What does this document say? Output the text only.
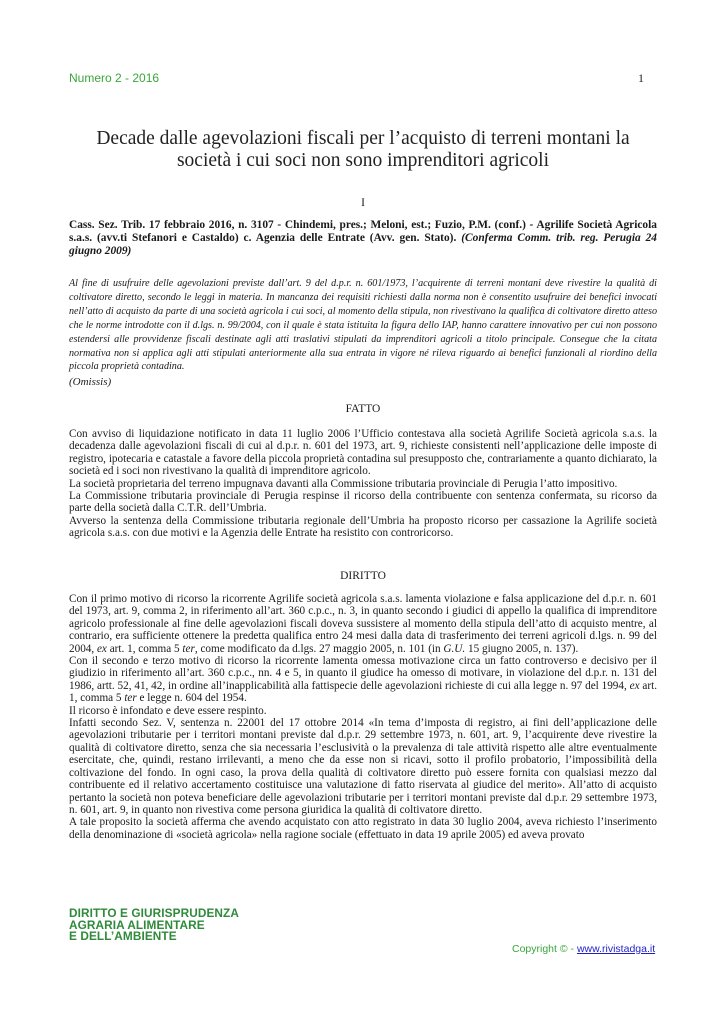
Numero 2 - 2016	1
Decade dalle agevolazioni fiscali per l’acquisto di terreni montani la società i cui soci non sono imprenditori agricoli
I
Cass. Sez. Trib. 17 febbraio 2016, n. 3107 - Chindemi, pres.; Meloni, est.; Fuzio, P.M. (conf.) - Agrilife Società Agricola s.a.s. (avv.ti Stefanori e Castaldo) c. Agenzia delle Entrate (Avv. gen. Stato). (Conferma Comm. trib. reg. Perugia 24 giugno 2009)
Al fine di usufruire delle agevolazioni previste dall’art. 9 del d.p.r. n. 601/1973, l’acquirente di terreni montani deve rivestire la qualità di coltivatore diretto, secondo le leggi in materia. In mancanza dei requisiti richiesti dalla norma non è consentito usufruire dei benefici invocati nell’atto di acquisto da parte di una società agricola i cui soci, al momento della stipula, non rivestivano la qualifica di coltivatore diretto atteso che le norme introdotte con il d.lgs. n. 99/2004, con il quale è stata istituita la figura dello IAP, hanno carattere innovativo per cui non possono estendersi alle provvidenze fiscali destinate agli atti traslativi stipulati da imprenditori agricoli a titolo principale. Consegue che la citata normativa non si applica agli atti stipulati anteriormente alla sua entrata in vigore né rileva riguardo ai benefici funzionali al riordino della piccola proprietà contadina.
(Omissis)
FATTO

Con avviso di liquidazione notificato in data 11 luglio 2006 l’Ufficio contestava alla società Agrilife Società agricola s.a.s. la decadenza dalle agevolazioni fiscali di cui al d.p.r. n. 601 del 1973, art. 9, richieste consistenti nell’applicazione delle imposte di registro, ipotecaria e catastale a favore della piccola proprietà contadina sul presupposto che, contrariamente a quanto dichiarato, la società ed i soci non rivestivano la qualità di imprenditore agricolo.

La società proprietaria del terreno impugnava davanti alla Commissione tributaria provinciale di Perugia l’atto impositivo.

La Commissione tributaria provinciale di Perugia respinse il ricorso della contribuente con sentenza confermata, su ricorso da parte della società dalla C.T.R. dell’Umbria.

Avverso la sentenza della Commissione tributaria regionale dell’Umbria ha proposto ricorso per cassazione la Agrilife società agricola s.a.s. con due motivi e la Agenzia delle Entrate ha resistito con controricorso.

DIRITTO

Con il primo motivo di ricorso la ricorrente Agrilife società agricola s.a.s. lamenta violazione e falsa applicazione del d.p.r. n. 601 del 1973, art. 9, comma 2, in riferimento all’art. 360 c.p.c., n. 3, in quanto secondo i giudici di appello la qualifica di imprenditore agricolo professionale al fine delle agevolazioni fiscali doveva sussistere al momento della stipula dell’atto di acquisto mentre, al contrario, era sufficiente ottenere la predetta qualifica entro 24 mesi dalla data di trasferimento dei terreni agricoli d.lgs. n. 99 del 2004, ex art. 1, comma 5 ter, come modificato da d.lgs. 27 maggio 2005, n. 101 (in G.U. 15 giugno 2005, n. 137).

Con il secondo e terzo motivo di ricorso la ricorrente lamenta omessa motivazione circa un fatto controverso e decisivo per il giudizio in riferimento all’art. 360 c.p.c., nn. 4 e 5, in quanto il giudice ha omesso di motivare, in violazione del d.p.r. n. 131 del 1986, artt. 52, 41, 42, in ordine all’inapplicabilità alla fattispecie delle agevolazioni richieste di cui alla legge n. 97 del 1994, ex art. 1, comma 5 ter e legge n. 604 del 1954.

Il ricorso è infondato e deve essere respinto.

Infatti secondo Sez. V, sentenza n. 22001 del 17 ottobre 2014 «In tema d’imposta di registro, ai fini dell’applicazione delle agevolazioni tributarie per i territori montani previste dal d.p.r. 29 settembre 1973, n. 601, art. 9, l’acquirente deve rivestire la qualità di coltivatore diretto, senza che sia necessaria l’esclusività o la prevalenza di tale attività rispetto alle altre eventualmente esercitate, che, quindi, restano irrilevanti, a meno che da esse non si ricavi, sotto il profilo probatorio, l’impossibilità della coltivazione del fondo. In ogni caso, la prova della qualità di coltivatore diretto può essere fornita con qualsiasi mezzo dal contribuente ed il relativo accertamento costituisce una valutazione di fatto riservata al giudice del merito». All’atto di acquisto pertanto la società non poteva beneficiare delle agevolazioni tributarie per i territori montani previste dal d.p.r. 29 settembre 1973, n. 601, art. 9, in quanto non rivestiva come persona giuridica la qualità di coltivatore diretto.

A tale proposito la società afferma che avendo acquistato con atto registrato in data 30 luglio 2004, aveva richiesto l’inserimento della denominazione di «società agricola» nella ragione sociale (effettuato in data 19 aprile 2005) ed aveva provato

DIRITTO E GIURISPRUDENZA
AGRARIA ALIMENTARE
E DELL’AMBIENTE
Copyright © - www.rivistadga.it
